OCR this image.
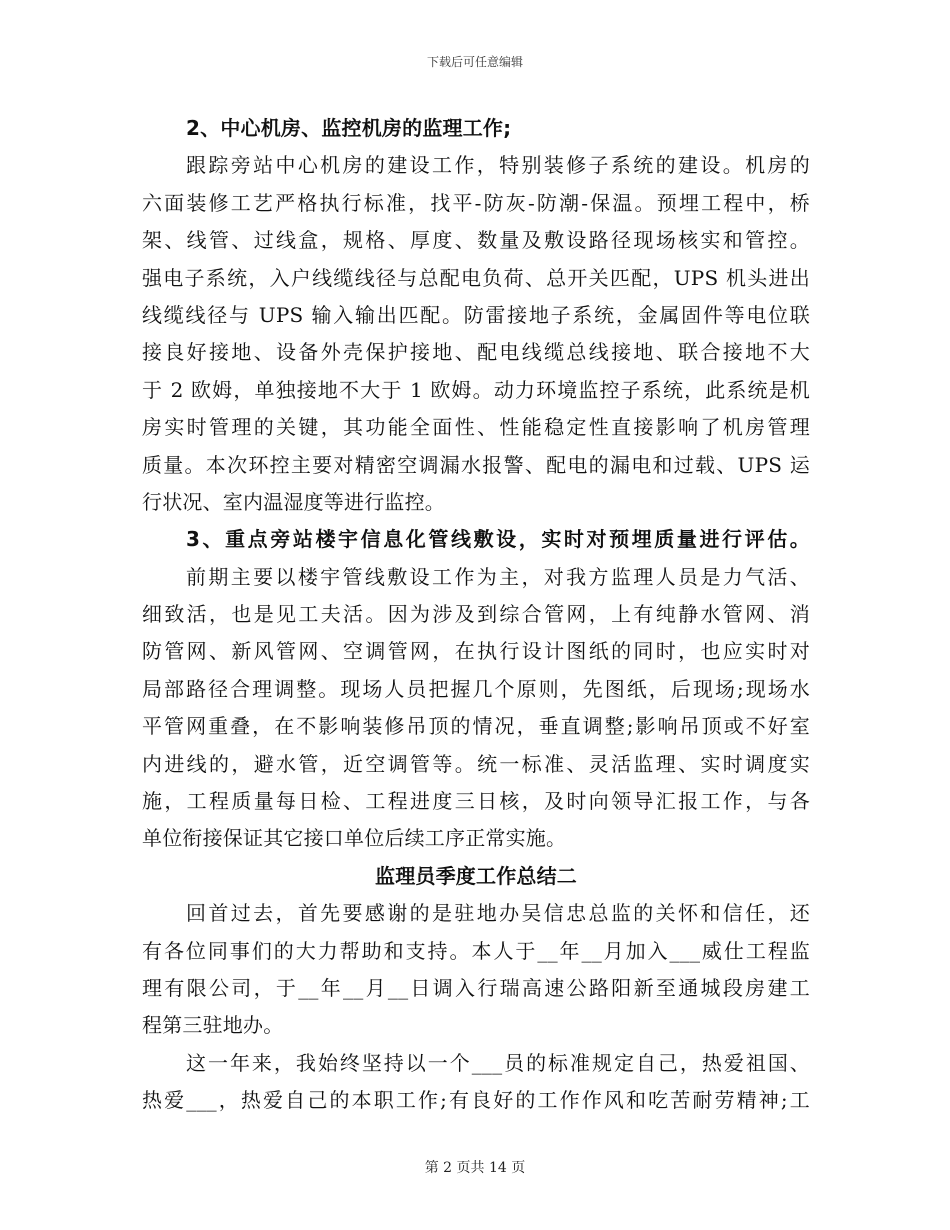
下载后可任意编辑
2、中心机房、监控机房的监理工作;
跟踪旁站中心机房的建设工作，特别装修子系统的建设。机房的
六面装修工艺严格执行标准，找平-防灰-防潮-保温。预埋工程中，桥
架、线管、过线盒，规格、厚度、数量及敷设路径现场核实和管控。
强电子系统，入户线缆线径与总配电负荷、总开关匹配，UPS 机头进出
线缆线径与 UPS 输入输出匹配。防雷接地子系统，金属固件等电位联
接良好接地、设备外壳保护接地、配电线缆总线接地、联合接地不大
于 2 欧姆，单独接地不大于 1 欧姆。动力环境监控子系统，此系统是机
房实时管理的关键，其功能全面性、性能稳定性直接影响了机房管理
质量。本次环控主要对精密空调漏水报警、配电的漏电和过载、UPS 运
行状况、室内温湿度等进行监控。
3、重点旁站楼宇信息化管线敷设，实时对预埋质量进行评估。
前期主要以楼宇管线敷设工作为主，对我方监理人员是力气活、
细致活，也是见工夫活。因为涉及到综合管网，上有纯静水管网、消
防管网、新风管网、空调管网，在执行设计图纸的同时，也应实时对
局部路径合理调整。现场人员把握几个原则，先图纸，后现场;现场水
平管网重叠，在不影响装修吊顶的情况，垂直调整;影响吊顶或不好室
内进线的，避水管，近空调管等。统一标准、灵活监理、实时调度实
施，工程质量每日检、工程进度三日核，及时向领导汇报工作，与各
单位衔接保证其它接口单位后续工序正常实施。
监理员季度工作总结二
回首过去，首先要感谢的是驻地办吴信忠总监的关怀和信任，还
有各位同事们的大力帮助和支持。本人于__年__月加入___威仕工程监
理有限公司，于__年__月__日调入行瑞高速公路阳新至通城段房建工
程第三驻地办。
这一年来，我始终坚持以一个___员的标准规定自己，热爱祖国、
热爱___，热爱自己的本职工作;有良好的工作作风和吃苦耐劳精神;工
第 2 页共 14 页
